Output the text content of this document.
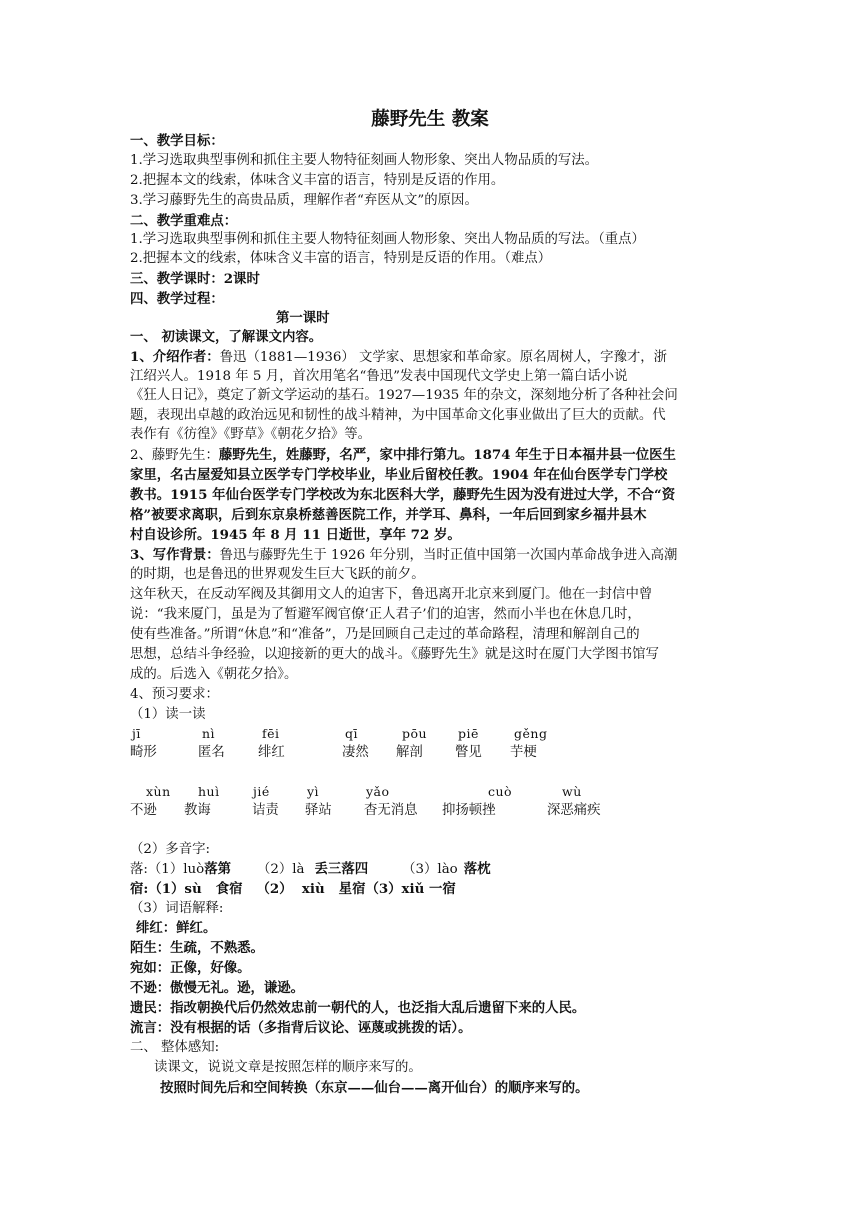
藤野先生 教案
一、教学目标：
1.学习选取典型事例和抓住主要人物特征刻画人物形象、突出人物品质的写法。
2.把握本文的线索，体味含义丰富的语言，特别是反语的作用。
3.学习藤野先生的高贵品质，理解作者“弃医从文”的原因。
二、教学重难点：
1.学习选取典型事例和抓住主要人物特征刻画人物形象、突出人物品质的写法。（重点）
2.把握本文的线索，体味含义丰富的语言，特别是反语的作用。（难点）
三、教学课时：2课时
四、教学过程：
第一课时
一、 初读课文，了解课文内容。
1、介绍作者：鲁迅（1881—1936） 文学家、思想家和革命家。原名周树人，字豫才，浙
江绍兴人。1918 年 5 月，首次用笔名“鲁迅”发表中国现代文学史上第一篇白话小说
《狂人日记》，奠定了新文学运动的基石。1927—1935 年的杂文，深刻地分析了各种社会问
题，表现出卓越的政治远见和韧性的战斗精神，为中国革命文化事业做出了巨大的贡献。代
表作有《彷徨》《野草》《朝花夕拾》等。
2、藤野先生：藤野先生，姓藤野，名严，家中排行第九。1874 年生于日本福井县一位医生
家里，名古屋爱知县立医学专门学校毕业，毕业后留校任教。1904 年在仙台医学专门学校
教书。1915 年仙台医学专门学校改为东北医科大学，藤野先生因为没有进过大学，不合“资
格”被要求离职，后到东京泉桥慈善医院工作，并学耳、鼻科，一年后回到家乡福井县木
村自设诊所。1945 年 8 月 11 日逝世，享年 72 岁。
3、写作背景：鲁迅与藤野先生于 1926 年分别，当时正值中国第一次国内革命战争进入高潮
的时期，也是鲁迅的世界观发生巨大飞跃的前夕。
这年秋天，在反动军阀及其御用文人的迫害下，鲁迅离开北京来到厦门。他在一封信中曾
说：“我来厦门，虽是为了暂避军阀官僚‘正人君子’们的迫害，然而小半也在休息几时，
使有些准备。”所谓“休息”和“准备”，乃是回顾自己走过的革命路程，清理和解剖自己的
思想，总结斗争经验，以迎接新的更大的战斗。《藤野先生》就是这时在厦门大学图书馆写
成的。后选入《朝花夕拾》。
4、预习要求：
（1）读一读
jī
畸形
nì
匿名
fēi
绯红
qī
凄然
pōu
解剖
piē
瞥见
gěng
芋梗
xùn
不逊
huì
教诲
jié
诘责
yì
驿站
yǎo
杳无消息
cuò
抑扬顿挫
wù
深恶痛疾
（2）多音字:
落:（1）luò落第 （2）là 丢三落四	（3）lào 落枕
宿:（1）sù   食宿   （2）  xiù   星宿（3）xiǔ 一宿
（3）词语解释:
绯红：鲜红。
陌生：生疏，不熟悉。
宛如：正像，好像。
不逊：傲慢无礼。逊，谦逊。
遗民：指改朝换代后仍然效忠前一朝代的人，也泛指大乱后遗留下来的人民。
流言：没有根据的话（多指背后议论、诬蔑或挑拨的话）。
二、 整体感知:
读课文，说说文章是按照怎样的顺序来写的。
按照时间先后和空间转换（东京——仙台——离开仙台）的顺序来写的。
